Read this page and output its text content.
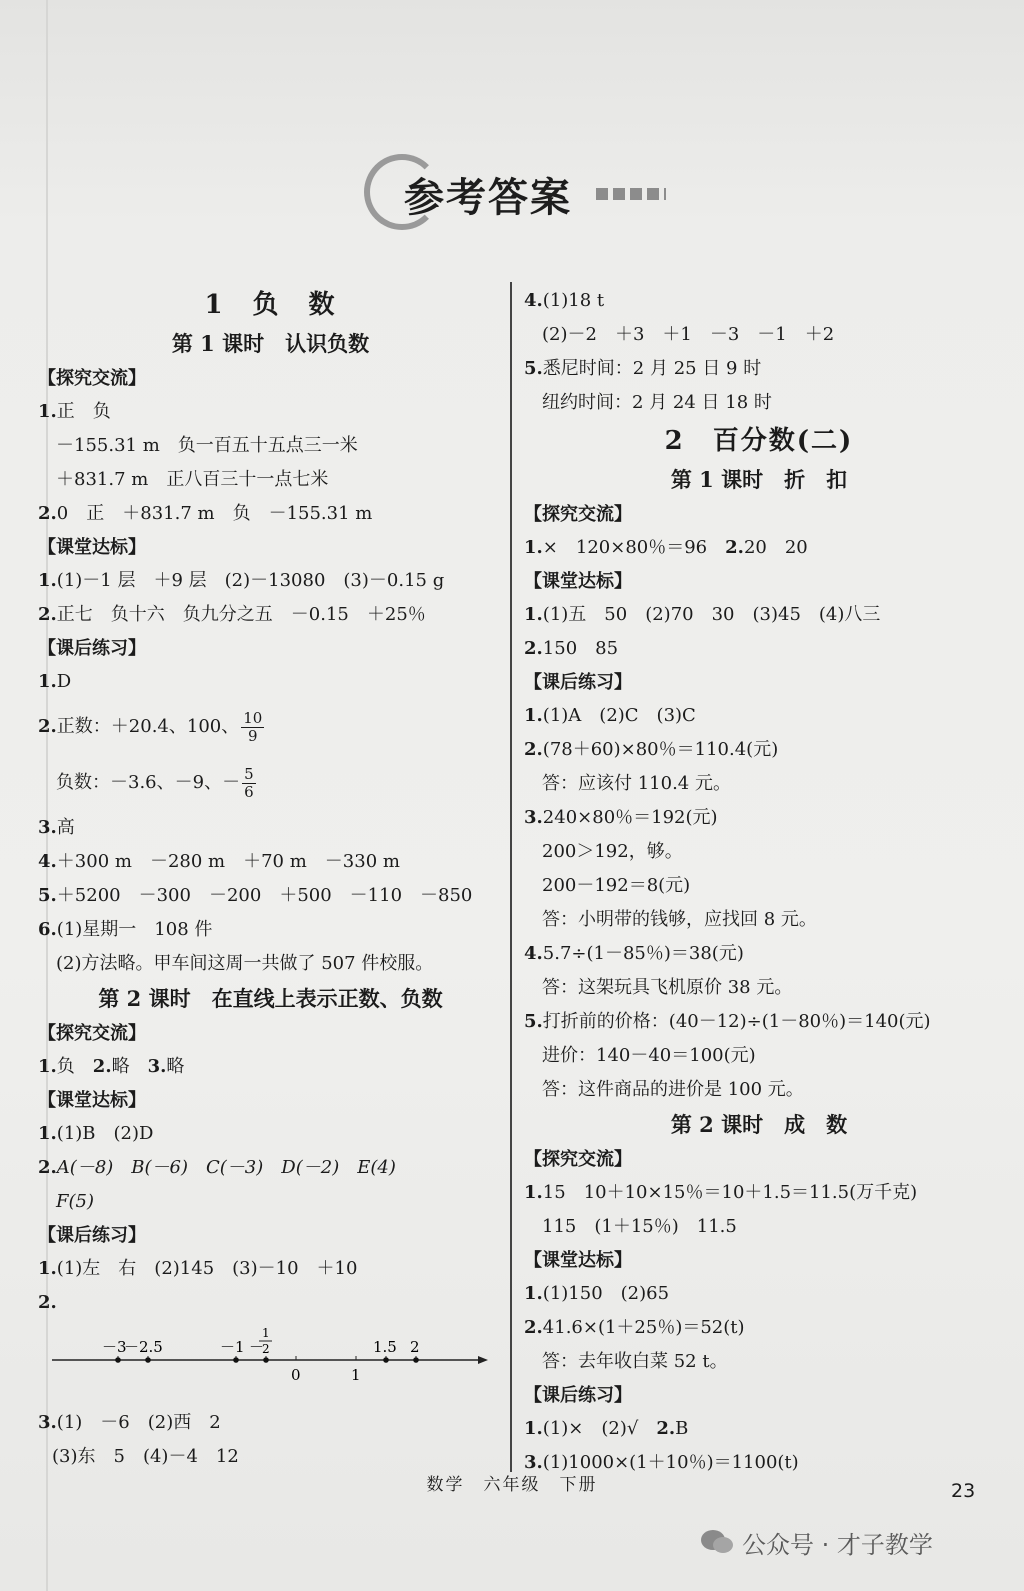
参考答案
1　负　数
第 1 课时　认识负数
【探究交流】
1.正　负
－155.31 m　负一百五十五点三一米
＋831.7 m　正八百三十一点七米
2.0　正　＋831.7 m　负　－155.31 m
【课堂达标】
1.(1)－1 层　＋9 层　(2)－13080　(3)－0.15 g
2.正七　负十六　负九分之五　－0.15　＋25％
【课后练习】
1.D
2.正数：＋20.4、100、 $\frac{10}{9}$
负数：－3.6、－9、－ $\frac{5}{6}$
3.高
4.＋300 m　－280 m　＋70 m　－330 m
5.＋5200　－300　－200　＋500　－110　－850
6.(1)星期一　108 件
(2)方法略。甲车间这周一共做了 507 件校服。
第 2 课时　在直线上表示正数、负数
【探究交流】
1.负　 2.略　 3.略
【课堂达标】
1.(1)B　(2)D
2.A(－8)　B(－6)　C(－3)　D(－2)　E(4)
F(5)
【课后练习】
1.(1)左　右　(2)145　(3)－10　＋10
2.
－3
－2.5	－1 －
1
2	1.5 2
0	1
3.(1)　－6　(2)西　2
(3)东　5　(4)－4　12
4.(1)18 t
(2)－2　＋3　＋1　－3　－1　＋2
5.悉尼时间：2 月 25 日 9 时
纽约时间：2 月 24 日 18 时
2　百分数(二)
第 1 课时　折　扣
【探究交流】
1.×　120×80％＝96　 2.20　20
【课堂达标】
1.(1)五　50　(2)70　30　(3)45　(4)八三
2.150　85
【课后练习】
1.(1)A　(2)C　(3)C
2.(78＋60)×80％＝110.4(元)
答：应该付 110.4 元。
3.240×80％＝192(元)
200＞192，够。
200－192＝8(元)
答：小明带的钱够，应找回 8 元。
4.5.7÷(1－85％)＝38(元)
答：这架玩具飞机原价 38 元。
5.打折前的价格：(40－12)÷(1－80％)＝140(元)
进价：140－40＝100(元)
答：这件商品的进价是 100 元。
第 2 课时　成　数
【探究交流】
1.15　10＋10×15％＝10＋1.5＝11.5(万千克)
115　(1＋15％)　11.5
【课堂达标】
1.(1)150　(2)65
2.41.6×(1＋25％)＝52(t)
答：去年收白菜 52 t。
【课后练习】
1.(1)×　(2)√　 2.B
3.(1)1000×(1＋10％)＝1100(t)
数学　六年级　下册	23
公众号 · 才子教学
